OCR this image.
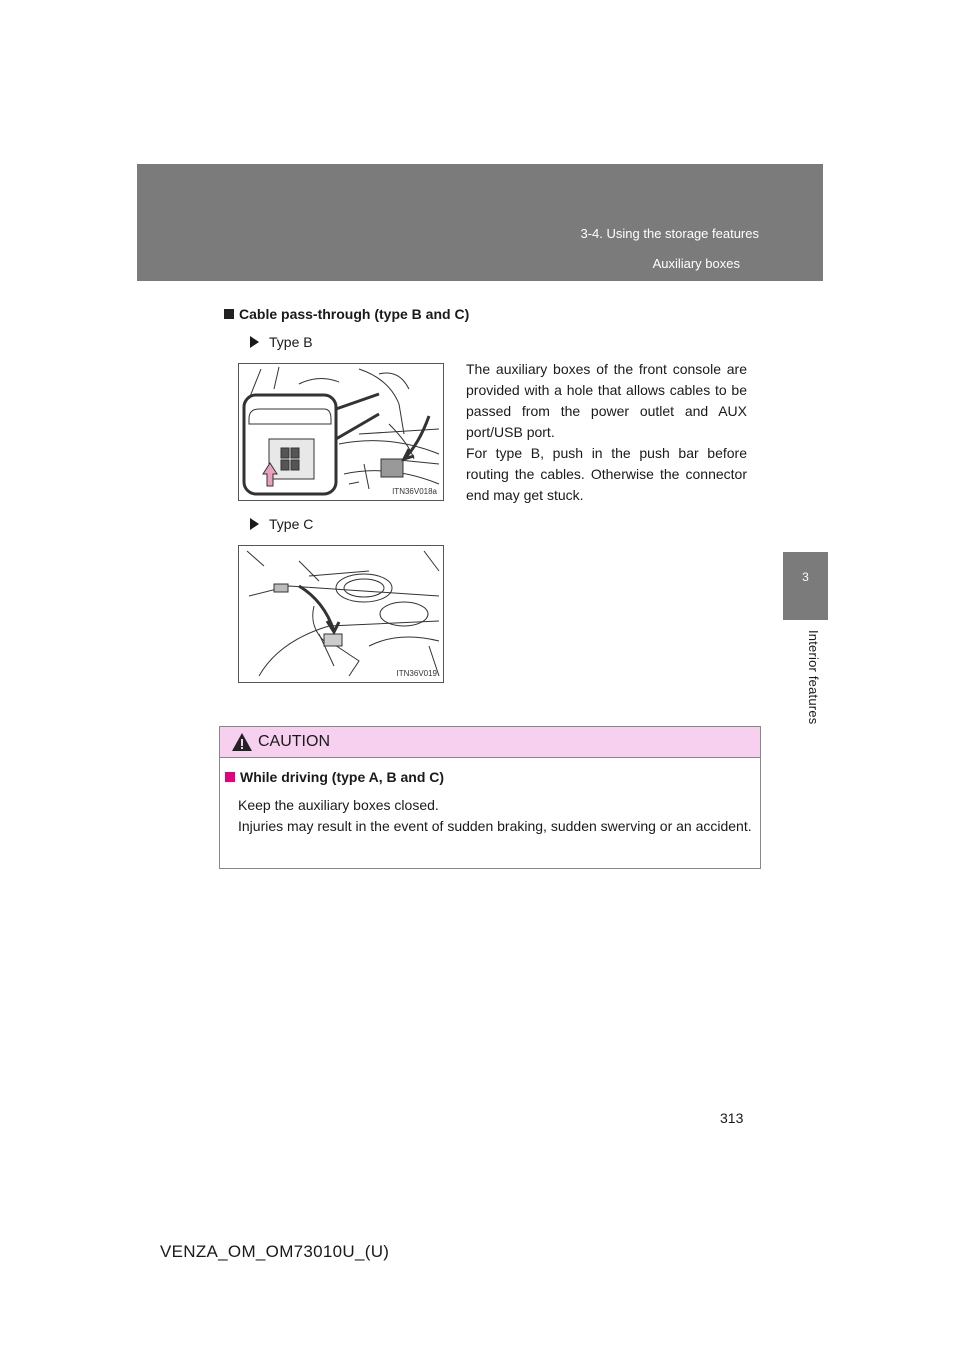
3-4. Using the storage features
Auxiliary boxes
3
Interior features
Cable pass-through (type B and C)
Type B
ITN36V018a

The auxiliary boxes of the front console are provided with a hole that allows cables to be passed from the power outlet and AUX port/USB port.

For type B, push in the push bar before routing the cables. Otherwise the connector end may get stuck.

Type C
ITN36V019
CAUTION
While driving (type A, B and C)
Keep the auxiliary boxes closed.
Injuries may result in the event of sudden braking, sudden swerving or an accident.
313
VENZA_OM_OM73010U_(U)
